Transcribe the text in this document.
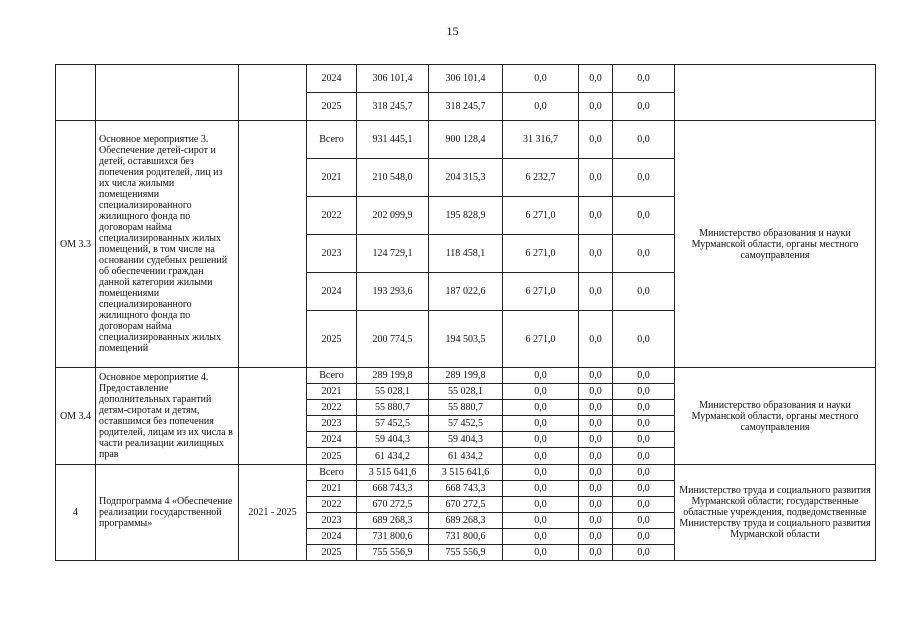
15
			2024	306 101,4	306 101,4	0,0	0,0	0,0	
			2025	318 245,7	318 245,7	0,0	0,0	0,0	
ОМ 3.3	Основное мероприятие 3. Обеспечение детей-сирот и детей, оставшихся без попечения родителей, лиц из их числа жилыми помещениями специализированного жилищного фонда по договорам найма специализированных жилых помещений, в том числе на основании судебных решений об обеспечении граждан данной категории жилыми помещениями специализированного жилищного фонда по договорам найма специализированных жилых помещений		Всего	931 445,1	900 128,4	31 316,7	0,0	0,0	Министерство образования и науки Мурманской области, органы местного самоуправления
			2021	210 548,0	204 315,3	6 232,7	0,0	0,0	
			2022	202 099,9	195 828,9	6 271,0	0,0	0,0	
			2023	124 729,1	118 458,1	6 271,0	0,0	0,0	
			2024	193 293,6	187 022,6	6 271,0	0,0	0,0	
			2025	200 774,5	194 503,5	6 271,0	0,0	0,0	
ОМ 3.4	Основное мероприятие 4. Предоставление дополнительных гарантий детям-сиротам и детям, оставшимся без попечения родителей, лицам из их числа в части реализации жилищных прав		Всего	289 199,8	289 199,8	0,0	0,0	0,0	Министерство образования и науки Мурманской области, органы местного самоуправления
			2021	55 028,1	55 028,1	0,0	0,0	0,0	
			2022	55 880,7	55 880,7	0,0	0,0	0,0	
			2023	57 452,5	57 452,5	0,0	0,0	0,0	
			2024	59 404,3	59 404,3	0,0	0,0	0,0	
			2025	61 434,2	61 434,2	0,0	0,0	0,0	
4	Подпрограмма 4 «Обеспечение реализации государственной программы»	2021 - 2025	Всего	3 515 641,6	3 515 641,6	0,0	0,0	0,0	Министерство труда и социального развития Мурманской области; государственные областные учреждения, подведомственные Министерству труда и социального развития Мурманской области
			2021	668 743,3	668 743,3	0,0	0,0	0,0	
			2022	670 272,5	670 272,5	0,0	0,0	0,0	
			2023	689 268,3	689 268,3	0,0	0,0	0,0	
			2024	731 800,6	731 800,6	0,0	0,0	0,0	
			2025	755 556,9	755 556,9	0,0	0,0	0,0	
